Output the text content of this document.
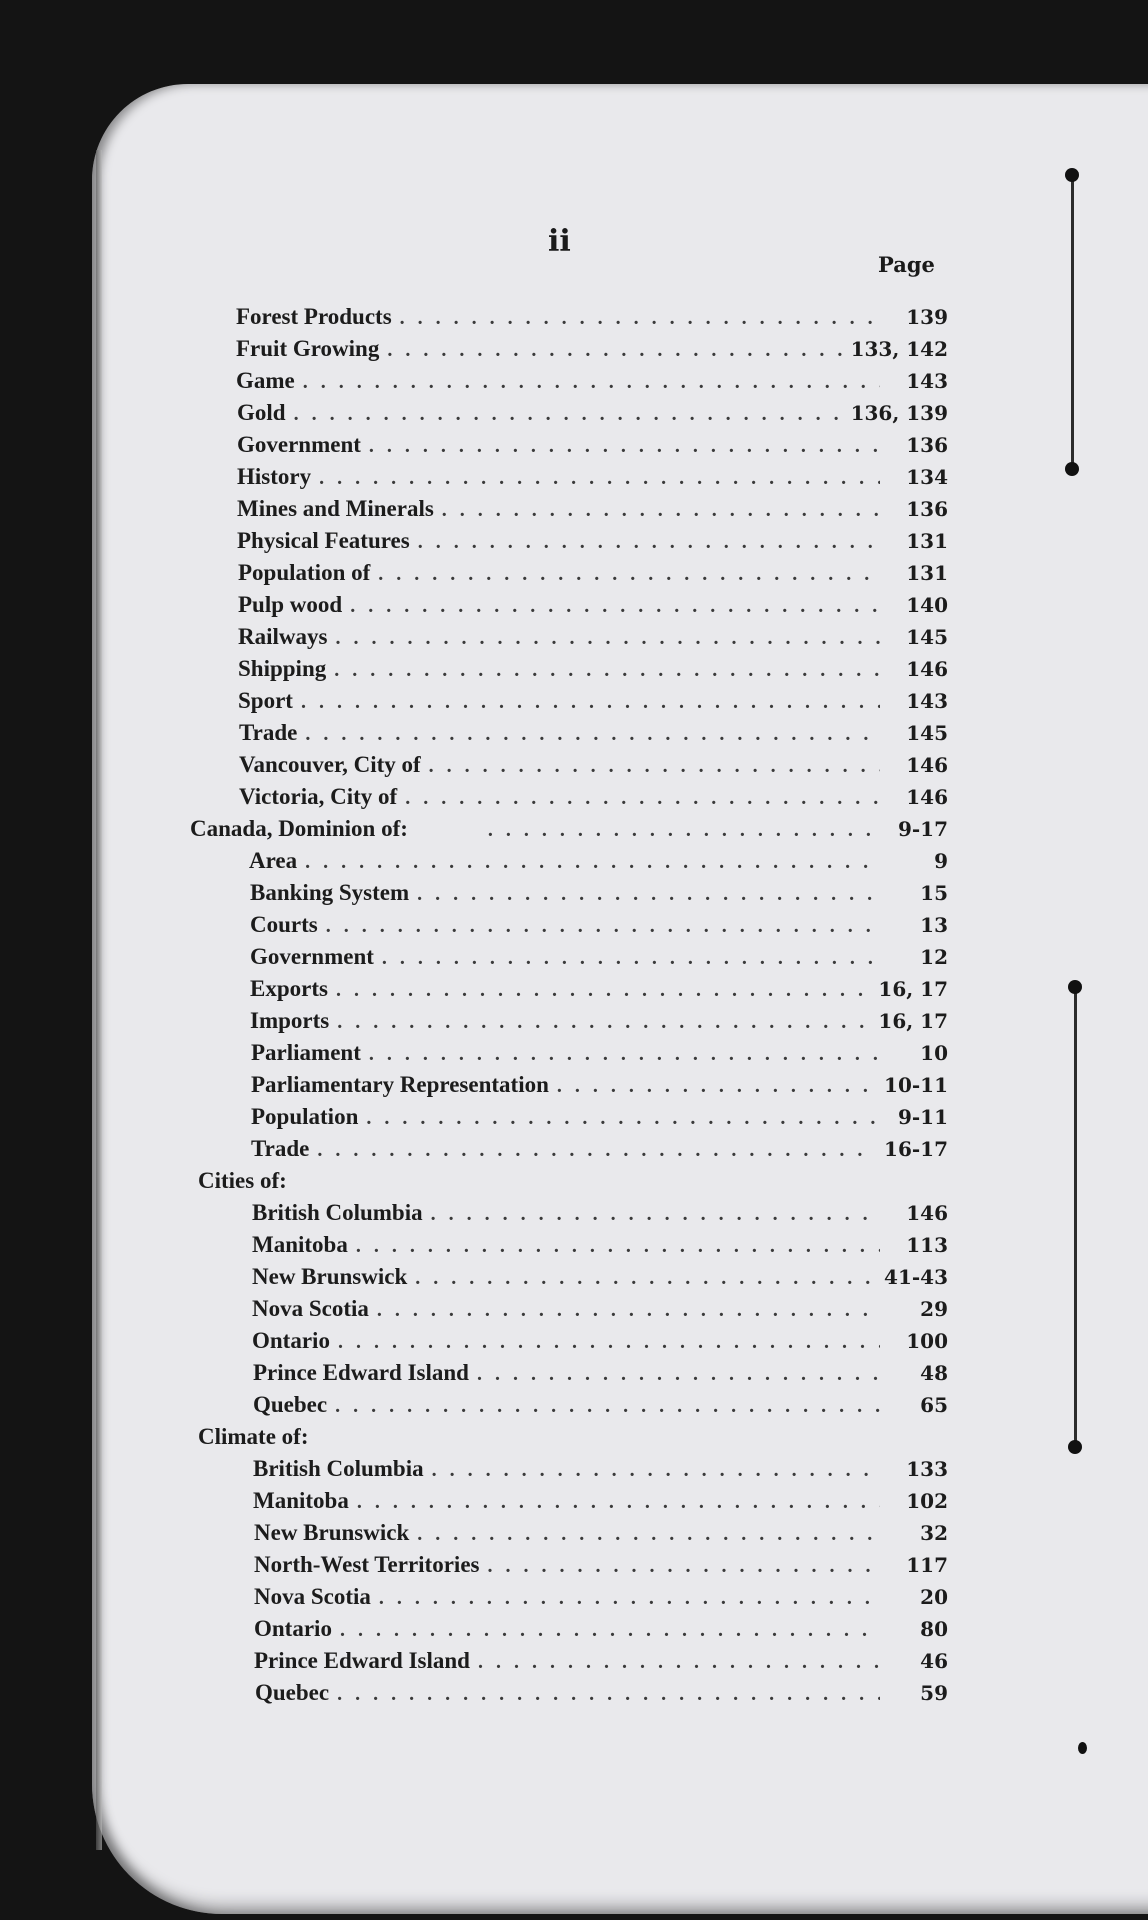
ii
Page
Forest Products . . .	139
Fruit Growing . . .	133, 142
Game . . .	143
Gold . . .	136, 139
Government . . .	136
History . . .	134
Mines and Minerals . . .	136
Physical Features . . .	131
Population of . . .	131
Pulp wood . . .	140
Railways . . .	145
Shipping . . .	146
Sport . . .	143
Trade . . .	145
Vancouver, City of . . .	146
Victoria, City of . . .	146
Canada, Dominion of: . . .	9-17
Area . . .	9
Banking System . . .	15
Courts . . .	13
Government . . .	12
Exports . . .	16, 17
Imports . . .	16, 17
Parliament . . .	10
Parliamentary Representation . . .	10-11
Population . . .	9-11
Trade . . .	16-17
Cities of:
British Columbia . . .	146
Manitoba . . .	113
New Brunswick . . .	41-43
Nova Scotia . . .	29
Ontario . . .	100
Prince Edward Island . . .	48
Quebec . . .	65
Climate of:
British Columbia . . .	133
Manitoba . . .	102
New Brunswick . . .	32
North-West Territories . . .	117
Nova Scotia . . .	20
Ontario . . .	80
Prince Edward Island . . .	46
Quebec . . .	59
